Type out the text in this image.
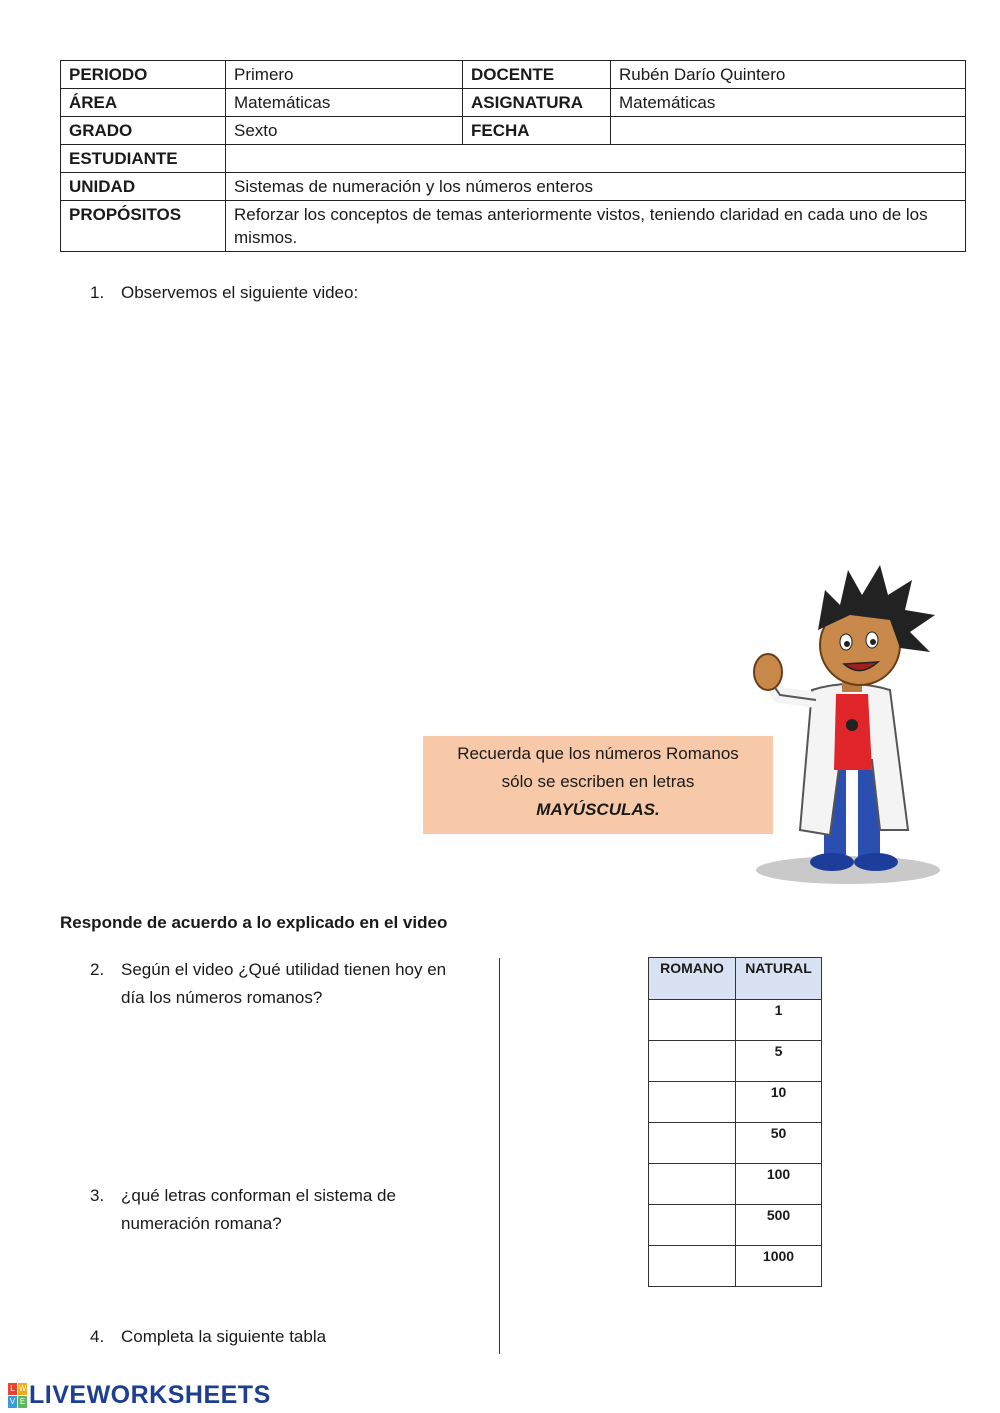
PERIODO	Primero	DOCENTE	Rubén Darío Quintero
ÁREA	Matemáticas	ASIGNATURA	Matemáticas
GRADO	Sexto	FECHA	
ESTUDIANTE			
UNIDAD	Sistemas de numeración y los números enteros		
PROPÓSITOS	Reforzar los conceptos de temas anteriormente vistos, teniendo claridad en cada uno de los mismos.		
1. Observemos el siguiente video:
Recuerda que los números Romanos
sólo se escriben en letras
MAYÚSCULAS.
Responde de acuerdo a lo explicado en el video
2. Según el video ¿Qué utilidad tienen hoy en día los números romanos?
3. ¿qué letras conforman el sistema de numeración romana?
4. Completa la siguiente tabla
ROMANO	NATURAL
	1
	5
	10
	50
	100
	500
	1000
L W
V E LIVEWORKSHEETS
